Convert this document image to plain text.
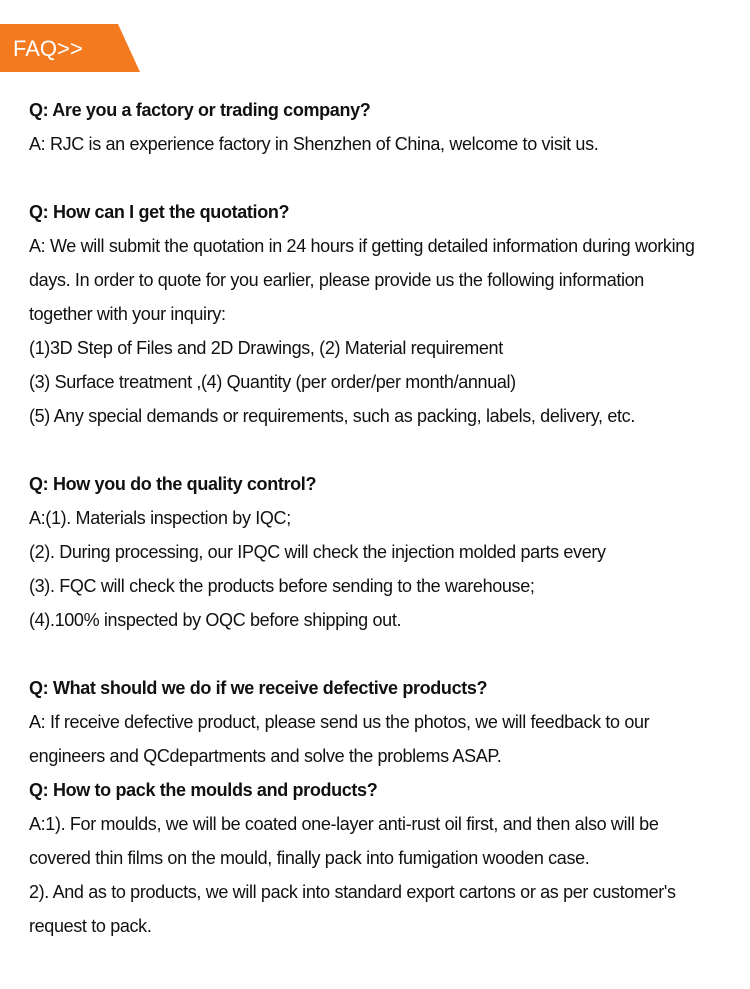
FAQ>>
Q: Are you a factory or trading company?
A: RJC is an experience factory in Shenzhen of China, welcome to visit us.
Q: How can I get the quotation?
A: We will submit the quotation in 24 hours if getting detailed information during working
days. In order to quote for you earlier, please provide us the following information
together with your inquiry:
(1)3D Step of Files and 2D Drawings, (2) Material requirement
(3) Surface treatment ,(4) Quantity (per order/per month/annual)
(5) Any special demands or requirements, such as packing, labels, delivery, etc.
Q: How you do the quality control?
A:(1). Materials inspection by IQC;
(2). During processing, our IPQC will check the injection molded parts every
(3). FQC will check the products before sending to the warehouse;
(4).100% inspected by OQC before shipping out.
Q: What should we do if we receive defective products?
A: If receive defective product, please send us the photos, we will feedback to our
engineers and QCdepartments and solve the problems ASAP.
Q: How to pack the moulds and products?
A:1). For moulds, we will be coated one-layer anti-rust oil first, and then also will be
covered thin films on the mould, finally pack into fumigation wooden case.
2). And as to products, we will pack into standard export cartons or as per customer's
request to pack.
